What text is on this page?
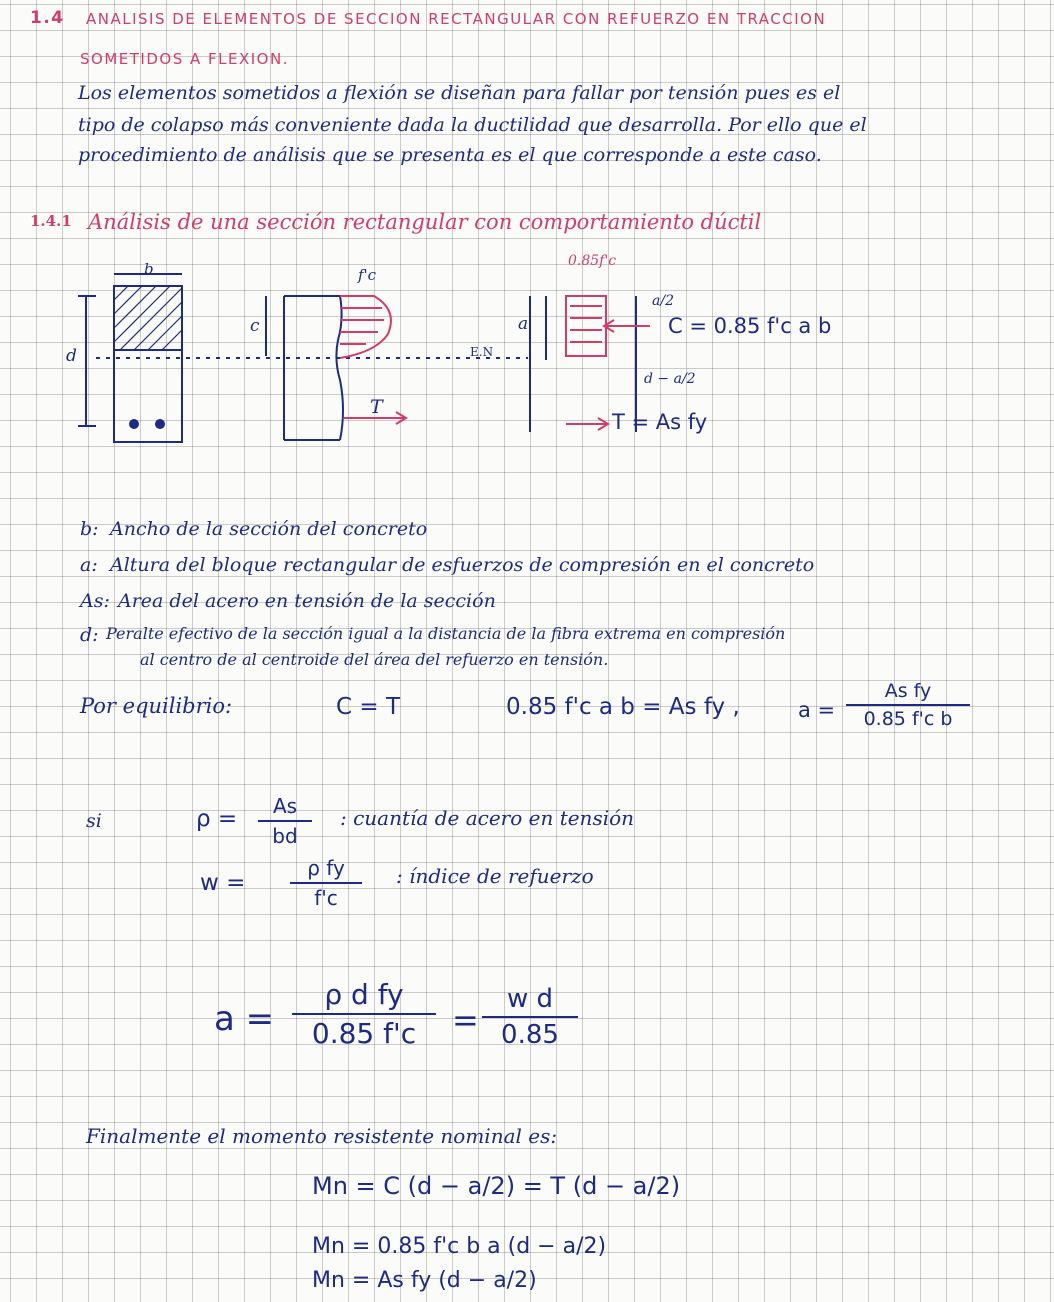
1.4 ANALISIS DE ELEMENTOS DE SECCION RECTANGULAR CON REFUERZO EN TRACCION
SOMETIDOS A FLEXION.
Los elementos sometidos a flexión se diseñan para fallar por tensión pues es el
tipo de colapso más conveniente dada la ductilidad que desarrolla. Por ello que el
procedimiento de análisis que se presenta es el que corresponde a este caso.
1.4.1 Análisis de una sección rectangular con comportamiento dúctil
b
d
c
f'c
0.85f'c
E.N
T
a
a/2
C = 0.85 f'c a b
d − a/2
T = As fy
b: Ancho de la sección del concreto
a: Altura del bloque rectangular de esfuerzos de compresión en el concreto
As: Area del acero en tensión de la sección
d: Peralte efectivo de la sección igual a la distancia de la fibra extrema en compresión
al centro de al centroide del área del refuerzo en tensión.
Por equilibrio:	C = T	0.85 f'c a b = As fy ,	a =
As fy
0.85 f'c b
si	ρ =	As
bd
: cuantía de acero en tensión
w =
ρ fy
f'c
: índice de refuerzo
a =
ρ d fy
0.85 f'c	=
w d
0.85
Finalmente el momento resistente nominal es:
Mn = C (d − a/2) = T (d − a/2)
Mn = 0.85 f'c b a (d − a/2)
Mn = As fy (d − a/2)
